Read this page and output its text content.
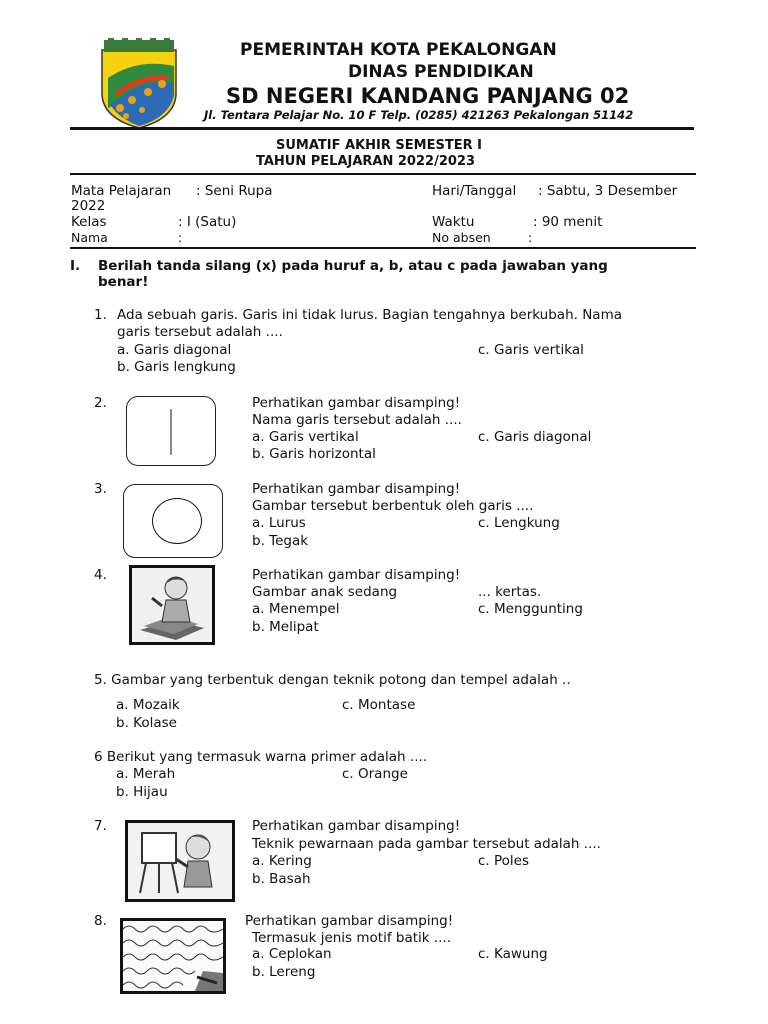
PEMERINTAH KOTA PEKALONGAN
DINAS PENDIDIKAN
SD NEGERI KANDANG PANJANG 02
Jl. Tentara Pelajar No. 10 F Telp. (0285) 421263 Pekalongan 51142
SUMATIF AKHIR SEMESTER I
TAHUN PELAJARAN 2022/2023
Mata Pelajaran : Seni Rupa	Hari/Tanggal : Sabtu, 3 Desember
2022
Kelas	: I (Satu)	Waktu	: 90 menit
Nama	:	No absen	:
I. Berilah tanda silang (x) pada huruf a, b, atau c pada jawaban yang
benar!
1. Ada sebuah garis. Garis ini tidak lurus. Bagian tengahnya berkubah. Nama
garis tersebut adalah ....
a. Garis diagonal
b. Garis lengkung
c. Garis vertikal
2.	Perhatikan gambar disamping!
Nama garis tersebut adalah ....
a. Garis vertikal
b. Garis horizontal
c. Garis diagonal
3.	Perhatikan gambar disamping!
Gambar tersebut berbentuk oleh garis ....
a. Lurus
b. Tegak
c. Lengkung
4.	Perhatikan gambar disamping!
Gambar anak sedang	... kertas.
a. Menempel
b. Melipat
c. Menggunting
5. Gambar yang terbentuk dengan teknik potong dan tempel adalah ..
a. Mozaik
b. Kolase
c. Montase
6 Berikut yang termasuk warna primer adalah ....
a. Merah
b. Hijau
c. Orange
7.	Perhatikan gambar disamping!
Teknik pewarnaan pada gambar tersebut adalah ....
a. Kering
b. Basah
c. Poles
8.	Perhatikan gambar disamping!
Termasuk jenis motif batik ....
a. Ceplokan
b. Lereng
c. Kawung
